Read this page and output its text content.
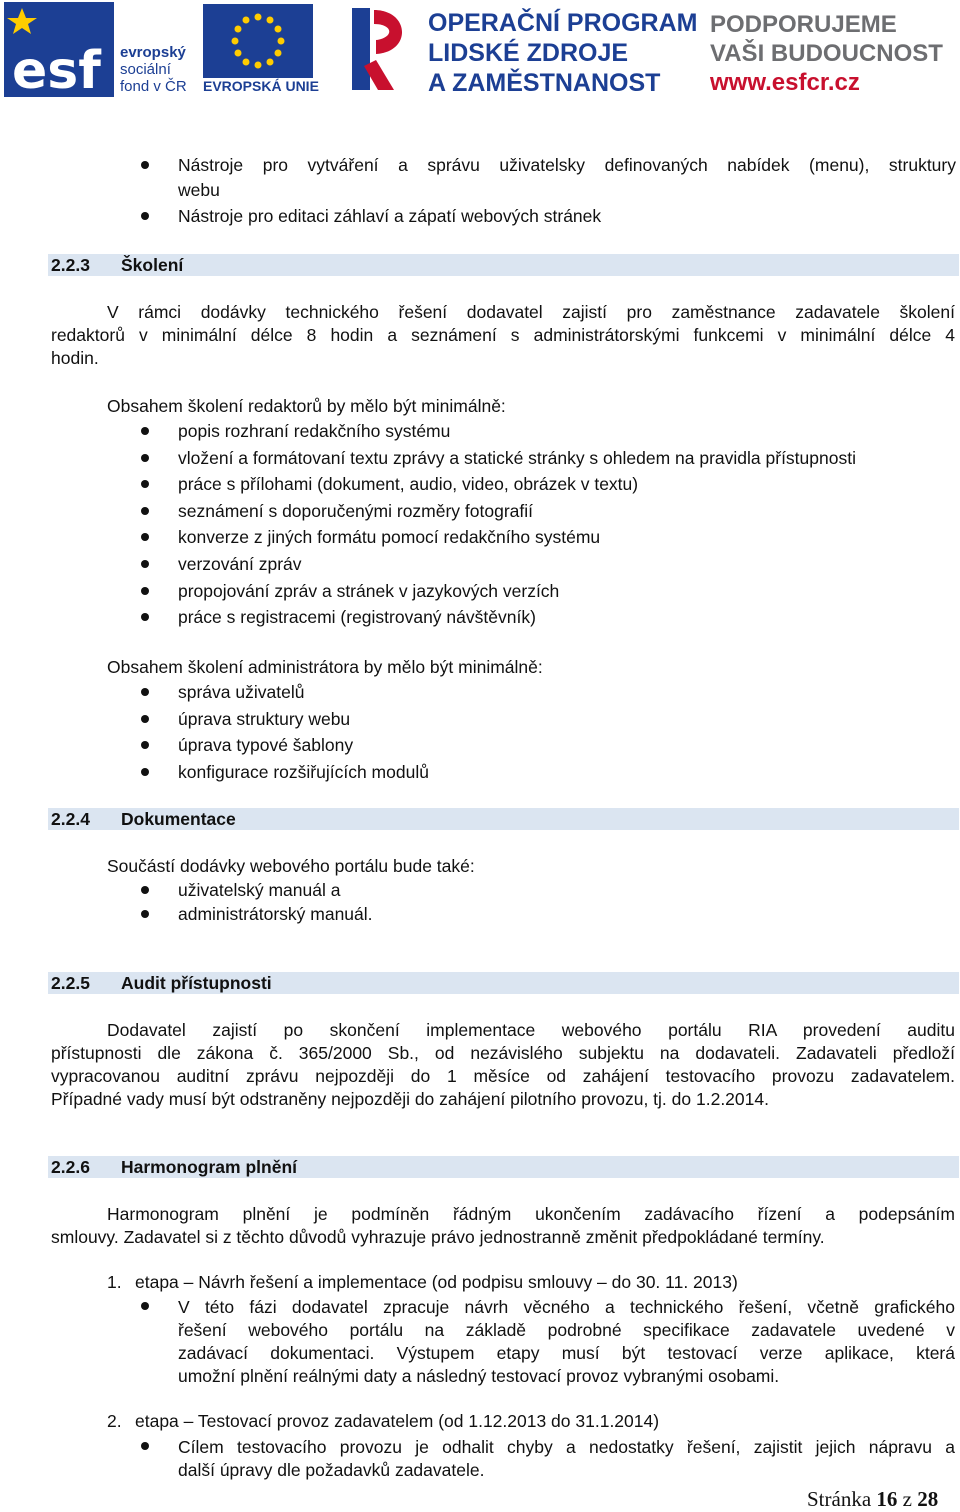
esf evropský
sociální
fond v ČR EVROPSKÁ UNIE
OPERAČNÍ PROGRAM
LIDSKÉ ZDROJE
A ZAMĚSTNANOST
PODPORUJEME
VAŠI BUDOUCNOST
www.esfcr.cz
Nástroje pro vytváření a správu uživatelsky definovaných nabídek (menu), struktury
webu
Nástroje pro editaci záhlaví a zápatí webových stránek
2.2.3 Školení
V rámci dodávky technického řešení dodavatel zajistí pro zaměstnance zadavatele školení
redaktorů v minimální délce 8 hodin a seznámení s administrátorskými funkcemi v minimální délce 4
hodin.
Obsahem školení redaktorů by mělo být minimálně:
popis rozhraní redakčního systému
vložení a formátovaní textu zprávy a statické stránky s ohledem na pravidla přístupnosti
práce s přílohami (dokument, audio, video, obrázek v textu)
seznámení s doporučenými rozměry fotografií
konverze z jiných formátu pomocí redakčního systému
verzování zpráv
propojování zpráv a stránek v jazykových verzích
práce s registracemi (registrovaný návštěvník)
Obsahem školení administrátora by mělo být minimálně:
správa uživatelů
úprava struktury webu
úprava typové šablony
konfigurace rozšiřujících modulů
2.2.4 Dokumentace
Součástí dodávky webového portálu bude také:
uživatelský manuál a
administrátorský manuál.
2.2.5 Audit přístupnosti
Dodavatel zajistí po skončení implementace webového portálu RIA provedení auditu
přístupnosti dle zákona č. 365/2000 Sb., od nezávislého subjektu na dodavateli. Zadavateli předloží
vypracovanou auditní zprávu nejpozději do 1 měsíce od zahájení testovacího provozu zadavatelem.
Případné vady musí být odstraněny nejpozději do zahájení pilotního provozu, tj. do 1.2.2014.
2.2.6 Harmonogram plnění
Harmonogram plnění je podmíněn řádným ukončením zadávacího řízení a podepsáním
smlouvy. Zadavatel si z těchto důvodů vyhrazuje právo jednostranně změnit předpokládané termíny.
1. etapa – Návrh řešení a implementace (od podpisu smlouvy – do 30. 11. 2013)
V této fázi dodavatel zpracuje návrh věcného a technického řešení, včetně grafického
řešení webového portálu na základě podrobné specifikace zadavatele uvedené v
zadávací dokumentaci. Výstupem etapy musí být testovací verze aplikace, která
umožní plnění reálnými daty a následný testovací provoz vybranými osobami.
2. etapa – Testovací provoz zadavatelem (od 1.12.2013 do 31.1.2014)
Cílem testovacího provozu je odhalit chyby a nedostatky řešení, zajistit jejich nápravu a
další úpravy dle požadavků zadavatele.
Stránka 16 z 28
